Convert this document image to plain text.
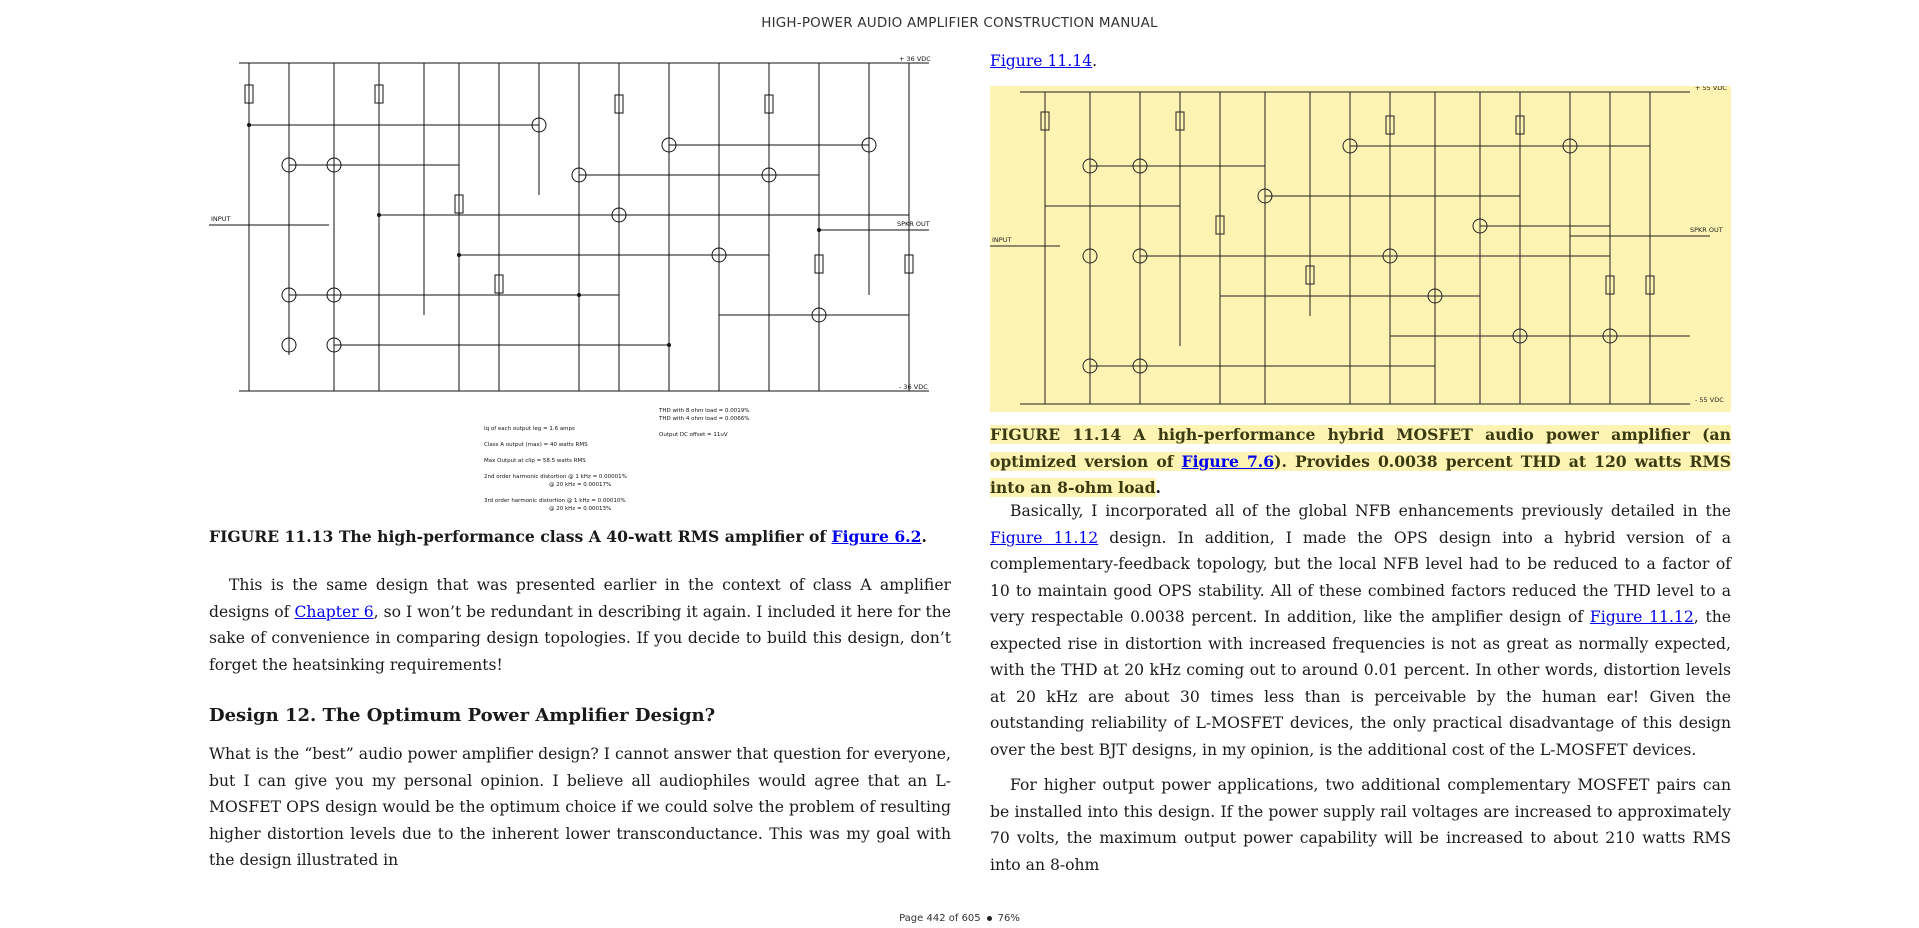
HIGH-POWER AUDIO AMPLIFIER CONSTRUCTION MANUAL
INPUT
SPKR OUT
+ 36 VDC
- 36 VDC
Iq of each output leg = 1.6 amps
Class A output (max) = 40 watts RMS
Max Output at clip = 58.5 watts RMS
2nd order harmonic distortion @ 1 kHz = 0.00001%
@ 20 kHz = 0.00017%
3rd order harmonic distortion @ 1 kHz = 0.00010%
@ 20 kHz = 0.00013%
THD with 8 ohm load = 0.0019%
THD with 4 ohm load = 0.0066%
Output DC offset = 11uV
FIGURE 11.13 The high-performance class A 40-watt RMS amplifier of Figure 6.2.

This is the same design that was presented earlier in the context of class A amplifier designs of Chapter 6, so I won’t be redundant in describing it again. I included it here for the sake of convenience in comparing design topologies. If you decide to build this design, don’t forget the heatsinking requirements!

Design 12. The Optimum Power Amplifier Design?

What is the “best” audio power amplifier design? I cannot answer that question for everyone, but I can give you my personal opinion. I believe all audiophiles would agree that an L-MOSFET OPS design would be the optimum choice if we could solve the problem of resulting higher distortion levels due to the inherent lower transconductance. This was my goal with the design illustrated in

Figure 11.14.
INPUT
SPKR OUT
+ 55 VDC
- 55 VDC
FIGURE 11.14 A high-performance hybrid MOSFET audio power amplifier (an optimized version of Figure 7.6). Provides 0.0038 percent THD at 120 watts RMS into an 8-ohm load.

Basically, I incorporated all of the global NFB enhancements previously detailed in the Figure 11.12 design. In addition, I made the OPS design into a hybrid version of a complementary-feedback topology, but the local NFB level had to be reduced to a factor of 10 to maintain good OPS stability. All of these combined factors reduced the THD level to a very respectable 0.0038 percent. In addition, like the amplifier design of Figure 11.12, the expected rise in distortion with increased frequencies is not as great as normally expected, with the THD at 20 kHz coming out to around 0.01 percent. In other words, distortion levels at 20 kHz are about 30 times less than is perceivable by the human ear! Given the outstanding reliability of L-MOSFET devices, the only practical disadvantage of this design over the best BJT designs, in my opinion, is the additional cost of the L-MOSFET devices.

For higher output power applications, two additional complementary MOSFET pairs can be installed into this design. If the power supply rail voltages are increased to approximately 70 volts, the maximum output power capability will be increased to about 210 watts RMS into an 8-ohm

Page 442 of 605 76%
